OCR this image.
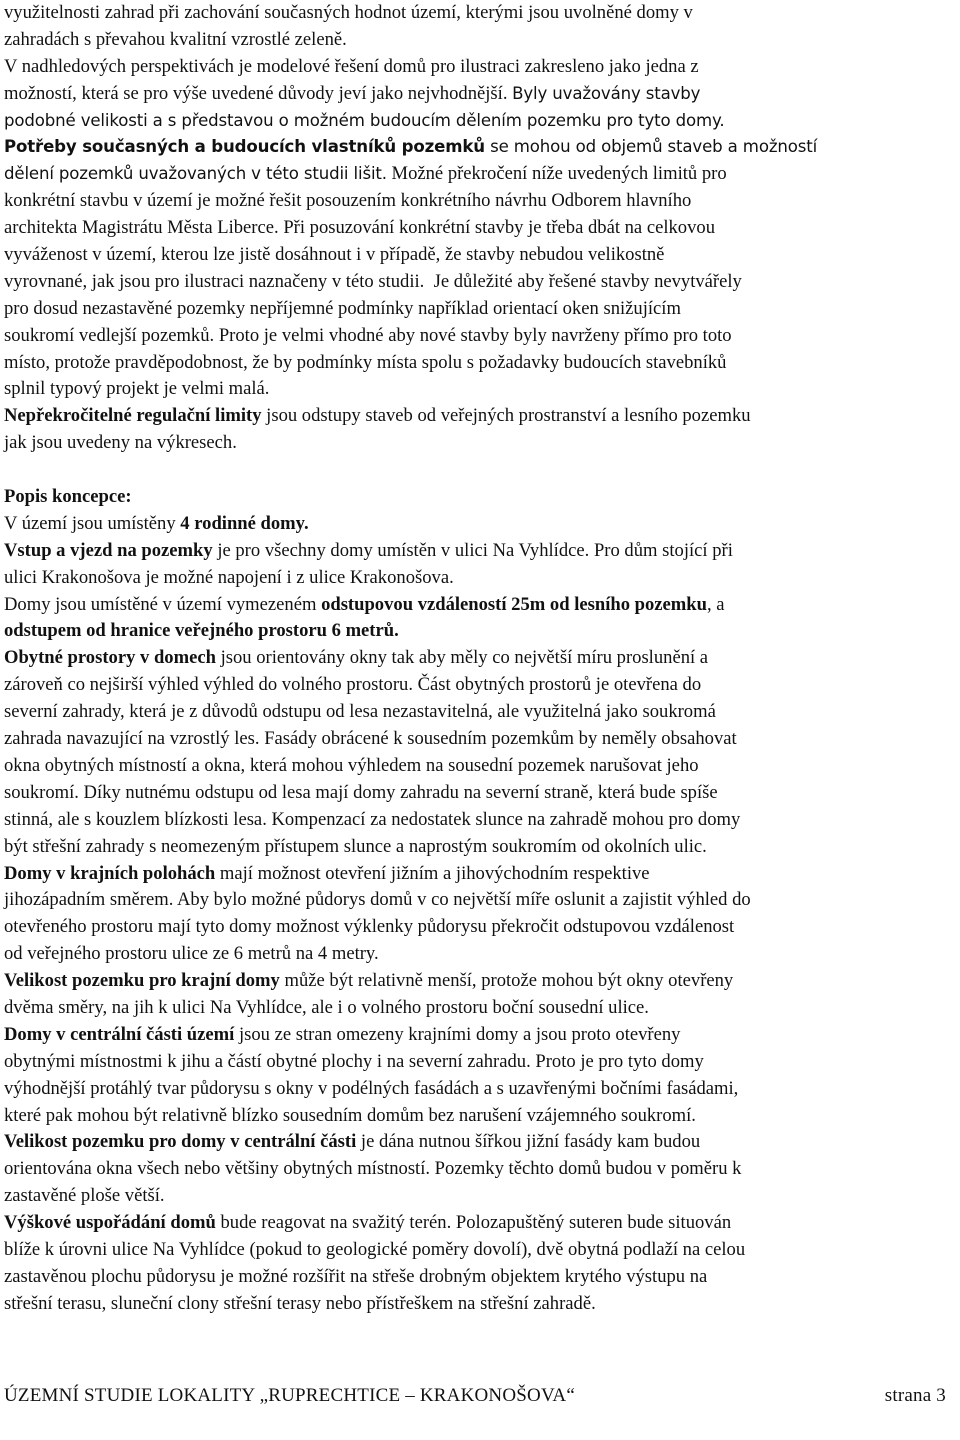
využitelnosti zahrad při zachování současných hodnot území, kterými jsou uvolněné domy v
zahradách s převahou kvalitní vzrostlé zeleně.
V nadhledových perspektivách je modelové řešení domů pro ilustraci zakresleno jako jedna z
možností, která se pro výše uvedené důvody jeví jako nejvhodnější. Byly uvažovány stavby
podobné velikosti a s představou o možném budoucím dělením pozemku pro tyto domy.
Potřeby současných a budoucích vlastníků pozemků se mohou od objemů staveb a možností
dělení pozemků uvažovaných v této studii lišit. Možné překročení níže uvedených limitů pro
konkrétní stavbu v území je možné řešit posouzením konkrétního návrhu Odborem hlavního
architekta Magistrátu Města Liberce. Při posuzování konkrétní stavby je třeba dbát na celkovou
vyváženost v území, kterou lze jistě dosáhnout i v případě, že stavby nebudou velikostně
vyrovnané, jak jsou pro ilustraci naznačeny v této studii.  Je důležité aby řešené stavby nevytvářely
pro dosud nezastavěné pozemky nepříjemné podmínky například orientací oken snižujícím
soukromí vedlejší pozemků. Proto je velmi vhodné aby nové stavby byly navrženy přímo pro toto
místo, protože pravděpodobnost, že by podmínky místa spolu s požadavky budoucích stavebníků
splnil typový projekt je velmi malá.
Nepřekročitelné regulační limity jsou odstupy staveb od veřejných prostranství a lesního pozemku
jak jsou uvedeny na výkresech.
Popis koncepce:
V území jsou umístěny 4 rodinné domy.
Vstup a vjezd na pozemky je pro všechny domy umístěn v ulici Na Vyhlídce. Pro dům stojící při
ulici Krakonošova je možné napojení i z ulice Krakonošova.
Domy jsou umístěné v území vymezeném odstupovou vzdáleností 25m od lesního pozemku, a
odstupem od hranice veřejného prostoru 6 metrů.
Obytné prostory v domech jsou orientovány okny tak aby měly co největší míru proslunění a
zároveň co nejširší výhled výhled do volného prostoru. Část obytných prostorů je otevřena do
severní zahrady, která je z důvodů odstupu od lesa nezastavitelná, ale využitelná jako soukromá
zahrada navazující na vzrostlý les. Fasády obrácené k sousedním pozemkům by neměly obsahovat
okna obytných místností a okna, která mohou výhledem na sousední pozemek narušovat jeho
soukromí. Díky nutnému odstupu od lesa mají domy zahradu na severní straně, která bude spíše
stinná, ale s kouzlem blízkosti lesa. Kompenzací za nedostatek slunce na zahradě mohou pro domy
být střešní zahrady s neomezeným přístupem slunce a naprostým soukromím od okolních ulic.
Domy v krajních polohách mají možnost otevření jižním a jihovýchodním respektive
jihozápadním směrem. Aby bylo možné půdorys domů v co největší míře oslunit a zajistit výhled do
otevřeného prostoru mají tyto domy možnost výklenky půdorysu překročit odstupovou vzdálenost
od veřejného prostoru ulice ze 6 metrů na 4 metry.
Velikost pozemku pro krajní domy může být relativně menší, protože mohou být okny otevřeny
dvěma směry, na jih k ulici Na Vyhlídce, ale i o volného prostoru boční sousední ulice.
Domy v centrální části území jsou ze stran omezeny krajními domy a jsou proto otevřeny
obytnými místnostmi k jihu a částí obytné plochy i na severní zahradu. Proto je pro tyto domy
výhodnější protáhlý tvar půdorysu s okny v podélných fasádách a s uzavřenými bočními fasádami,
které pak mohou být relativně blízko sousedním domům bez narušení vzájemného soukromí.
Velikost pozemku pro domy v centrální části je dána nutnou šířkou jižní fasády kam budou
orientována okna všech nebo většiny obytných místností. Pozemky těchto domů budou v poměru k
zastavěné ploše větší.
Výškové uspořádání domů bude reagovat na svažitý terén. Polozapuštěný suteren bude situován
blíže k úrovni ulice Na Vyhlídce (pokud to geologické poměry dovolí), dvě obytná podlaží na celou
zastavěnou plochu půdorysu je možné rozšířit na střeše drobným objektem krytého výstupu na
střešní terasu, sluneční clony střešní terasy nebo přístřeškem na střešní zahradě.
ÚZEMNÍ STUDIE LOKALITY „RUPRECHTICE – KRAKONOŠOVA“	strana 3
